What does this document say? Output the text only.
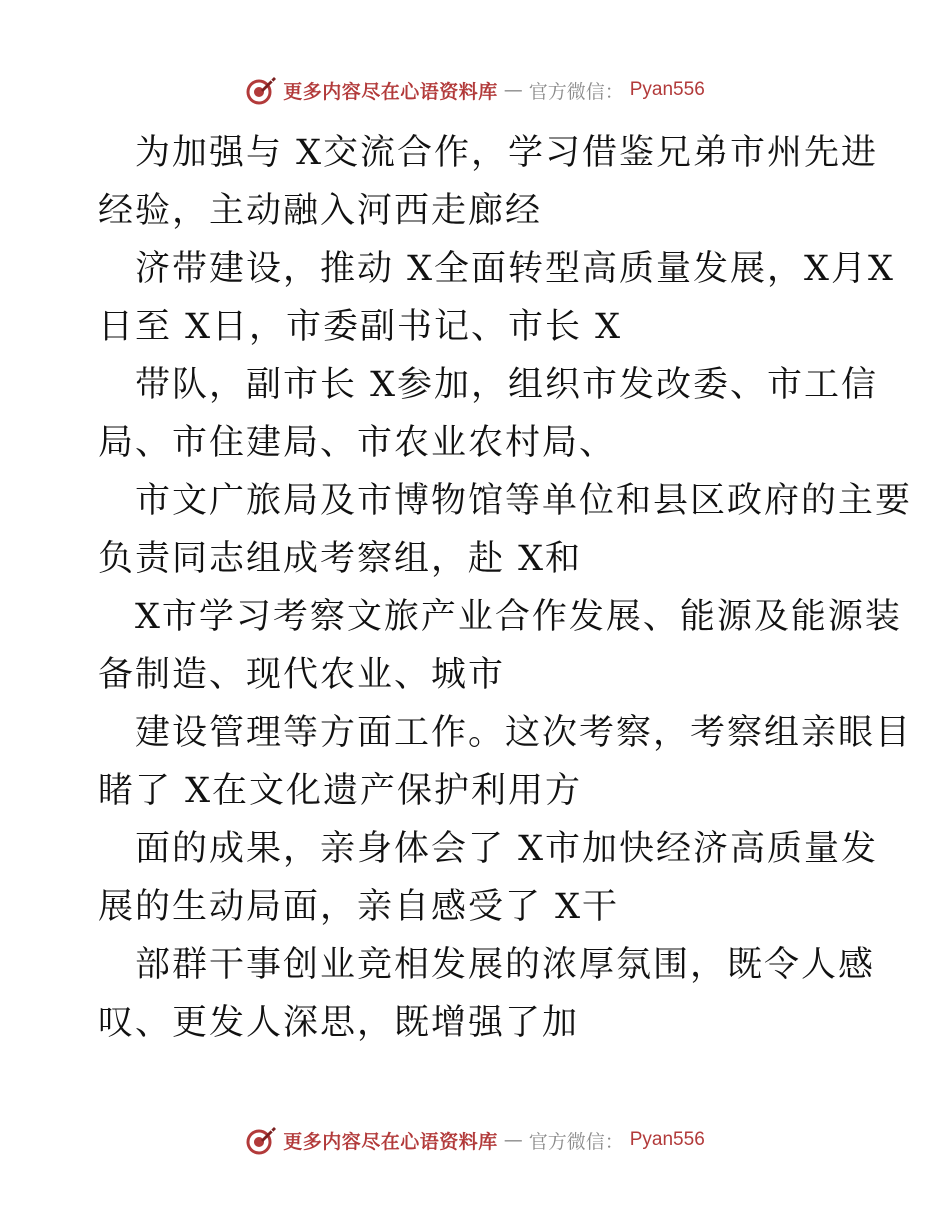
更多内容尽在心语资料库 — 官方微信： Pyan556
为加强与 X交流合作，学习借鉴兄弟市州先进
经验，主动融入河西走廊经
济带建设，推动 X全面转型高质量发展，X月X
日至 X日，市委副书记、市长 X
带队，副市长 X参加，组织市发改委、市工信
局、市住建局、市农业农村局、
市文广旅局及市博物馆等单位和县区政府的主要
负责同志组成考察组，赴 X和
X市学习考察文旅产业合作发展、能源及能源装
备制造、现代农业、城市
建设管理等方面工作。这次考察，考察组亲眼目
睹了 X在文化遗产保护利用方
面的成果，亲身体会了 X市加快经济高质量发
展的生动局面，亲自感受了 X干
部群干事创业竞相发展的浓厚氛围，既令人感
叹、更发人深思，既增强了加
更多内容尽在心语资料库 — 官方微信： Pyan556
